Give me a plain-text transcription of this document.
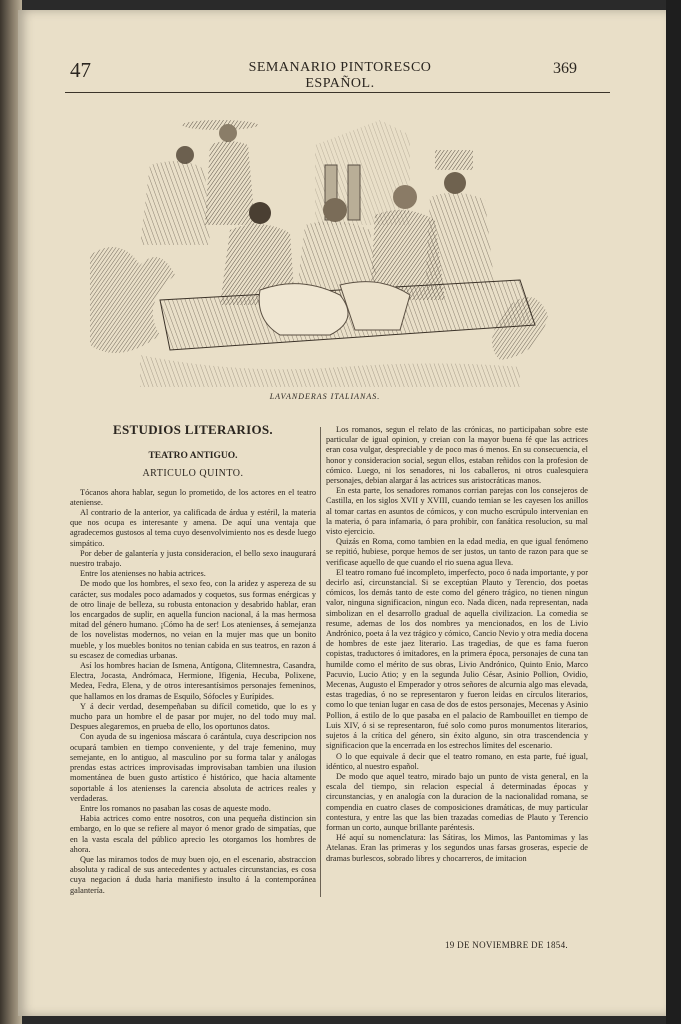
47	SEMANARIO PINTORESCO ESPAÑOL.
369
LAVANDERAS ITALIANAS.
ESTUDIOS LITERARIOS.
TEATRO ANTIGUO.
ARTICULO QUINTO.

Tócanos ahora hablar, segun lo prometido, de los actores en el teatro ateniense.

Al contrario de la anterior, ya calificada de árdua y estéril, la materia que nos ocupa es interesante y amena. De aquí una ventaja que agradecemos gustosos al tema cuyo desenvolvimiento nos es desde luego simpático.

Por deber de galantería y justa consideracion, el bello sexo inaugurará nuestro trabajo.

Entre los atenienses no habia actrices.

De modo que los hombres, el sexo feo, con la aridez y aspereza de su carácter, sus modales poco adamados y coquetos, sus formas enérgicas y de otro linaje de belleza, su robusta entonacion y desabrido hablar, eran los encargados de suplir, en aquella funcion nacional, á la mas hermosa mitad del género humano. ¡Cómo ha de ser! Los atenienses, á semejanza de los novelistas modernos, no veian en la mujer mas que un bonito mueble, y los muebles bonitos no tenian cabida en sus teatros, en razon á su escasez de comedias urbanas.

Así los hombres hacian de Ismena, Antígona, Clitemnestra, Casandra, Electra, Jocasta, Andrómaca, Hermione, Ifigenia, Hecuba, Polixene, Medea, Fedra, Elena, y de otros interesantísimos personajes femeninos, que hallamos en los dramas de Esquilo, Sófocles y Eurípides.

Y á decir verdad, desempeñaban su difícil cometido, que lo es y mucho para un hombre el de pasar por mujer, no del todo muy mal. Despues alegaremos, en prueba de ello, los oportunos datos.

Con ayuda de su ingeniosa máscara ó carántula, cuya descripcion nos ocupará tambien en tiempo conveniente, y del traje femenino, muy semejante, en lo antiguo, al masculino por su forma talar y análogas prendas estas actrices improvisadas improvisaban tambien una ilusion momentánea de buen gusto artístico é histórico, que hacia altamente soportable á los atenienses la carencia absoluta de actrices reales y verdaderas.

Entre los romanos no pasaban las cosas de aqueste modo.

Habia actrices como entre nosotros, con una pequeña distincion sin embargo, en lo que se refiere al mayor ó menor grado de simpatías, que en la vasta escala del público aprecio les otorgamos los hombres de ahora.

Que las miramos todos de muy buen ojo, en el escenario, abstraccion absoluta y radical de sus antecedentes y actuales circunstancias, es cosa cuya negacion á duda haria manifiesto insulto á la contemporánea galantería.

Los romanos, segun el relato de las crónicas, no participaban sobre este particular de igual opinion, y creian con la mayor buena fé que las actrices eran cosa vulgar, despreciable y de poco mas ó menos. En su consecuencia, el honor y consideracion social, segun ellos, estaban reñidos con la profesion de cómico. Luego, ni los senadores, ni los caballeros, ni otros cualesquiera personajes, debian alargar á las actrices sus aristocráticas manos.

En esta parte, los senadores romanos corrian parejas con los consejeros de Castilla, en los siglos XVII y XVIII, cuando temian se les cayesen los anillos al tomar cartas en asuntos de cómicos, y con mucho escrúpulo intervenian en la materia, ó para infamaria, ó para prohibir, con fanática resolucion, su mal visto ejercicio.

Quizás en Roma, como tambien en la edad media, en que igual fenómeno se repitió, hubiese, porque hemos de ser justos, un tanto de razon para que se verificase aquello de que cuando el rio suena agua lleva.

El teatro romano fué incompleto, imperfecto, poco ó nada importante, y por decirlo así, circunstancial. Si se exceptúan Plauto y Terencio, dos poetas cómicos, los demás tanto de este como del género trágico, no tienen ningun valor, ninguna significacion, ningun eco. Nada dicen, nada representan, nada simbolizan en el desarrollo gradual de aquella civilizacion. La comedia se resume, ademas de los dos nombres ya mencionados, en los de Livio Andrónico, poeta á la vez trágico y cómico, Cancio Nevio y otra media docena de hombres de este jaez literario. Las tragedias, de que es fama fueron copistas, traductores ó imitadores, en la primera época, personajes de cuna tan humilde como el mérito de sus obras, Livio Andrónico, Quinto Enio, Marco Pacuvio, Lucio Atio; y en la segunda Julio César, Asinio Pollion, Ovidio, Mecenas, Augusto el Emperador y otros señores de alcurnia algo mas elevada, estas tragedias, ó no se representaron y fueron leidas en círculos literarios, como lo que tenian lugar en casa de dos de estos personajes, Mecenas y Asinio Pollion, á estilo de lo que pasaba en el palacio de Rambouillet en tiempo de Luis XIV, ó si se representaron, fué solo como puros monumentos literarios, sujetos á la crítica del género, sin éxito alguno, sin otra trascendencia y significacion que la encerrada en los estrechos límites del escenario.

O lo que equivale á decir que el teatro romano, en esta parte, fué igual, idéntico, al nuestro español.

De modo que aquel teatro, mirado bajo un punto de vista general, en la escala del tiempo, sin relacion especial á determinadas épocas y circunstancias, y en analogía con la duracion de la nacionalidad romana, se compendia en cuatro clases de composiciones dramáticas, de muy particular contestura, y entre las que las bien trazadas comedias de Plauto y Terencio forman un corto, aunque brillante paréntesis.

Hé aquí su nomenclatura: las Sátiras, los Mimos, las Pantomimas y las Atelanas. Eran las primeras y los segundos unas farsas groseras, especie de dramas burlescos, sobrado libres y chocarreros, de imitacion

19 DE NOVIEMBRE DE 1854.
